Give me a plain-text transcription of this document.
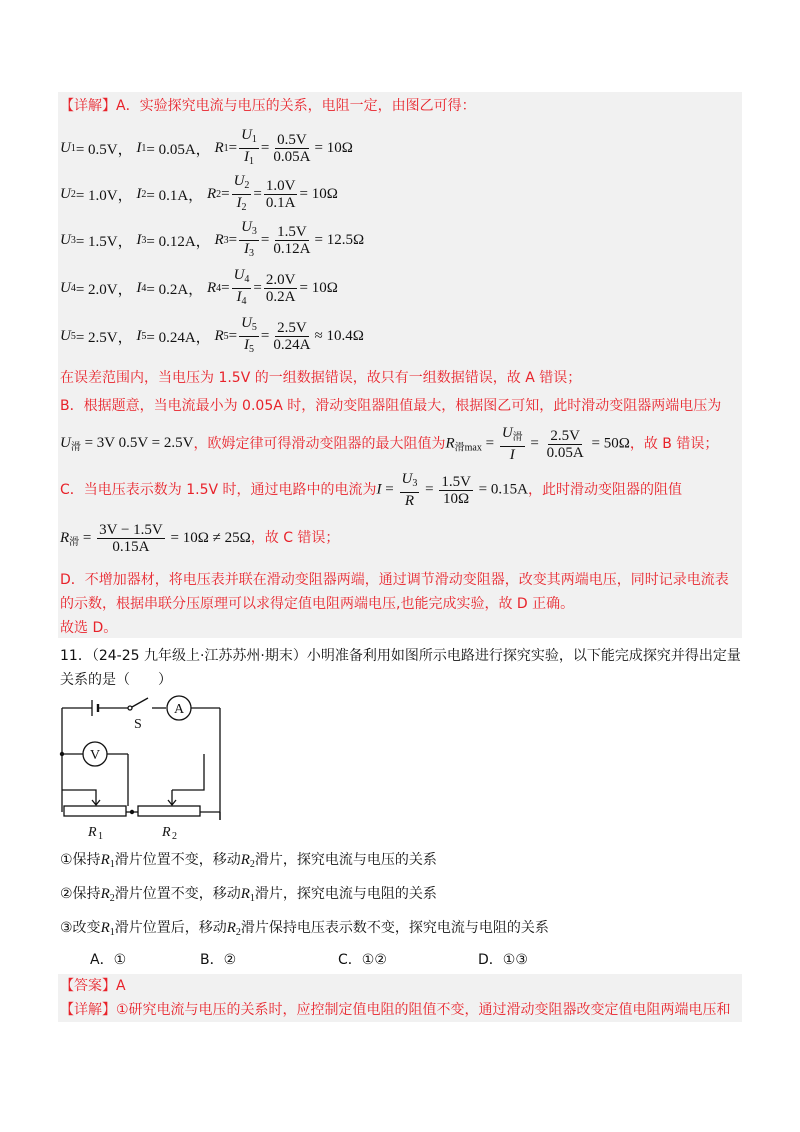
【详解】A．实验探究电流与电压的关系，电阻一定，由图乙可得：
U 1 = 0.5V，
I 1 = 0.05A，
R $1 = \frac{U_1}{I_1} = \frac{0.5V}{0.05A} = 10\Omega$
U 2 = 1.0V，
I 2 = 0.1A，
R $2 = \frac{U_2}{I_2} = \frac{1.0V}{0.1A} = 10\Omega$
U 3 = 1.5V，
I 3 = 0.12A，
R $3 = \frac{U_3}{I_3} = \frac{1.5V}{0.12A} = 12.5\Omega$
U 4 = 2.0V，
I 4 = 0.2A，
R $4 = \frac{U_4}{I_4} = \frac{2.0V}{0.2A} = 10\Omega$
U 5 = 2.5V，
I 5 = 0.24A，
R $5 = \frac{U_5}{I_5} = \frac{2.5V}{0.24A} \approx 10.4\Omega$
在误差范围内，当电压为 1.5V 的一组数据错误，故只有一组数据错误，故 A 错误；
B．根据题意，当电流最小为 0.05A 时，滑动变阻器阻值最大，根据图乙可知，此时滑动变阻器两端电压为
$U_滑 = 3V$ 0.5V = 2.5V ，欧姆定律可得滑动变阻器的最大阻值为 $R_{滑max} = \frac{U_滑}{I} = \frac{2.5V}{0.05A} = 50\Omega$ ，故 B 错误；
C．当电压表示数为 1.5V 时，通过电路中的电流为 $I = \frac{U_3}{R} = \frac{1.5V}{10\Omega} = 0.15A$ ，此时滑动变阻器的阻值
$R_滑 = \frac{3V - 1.5V}{0.15A} = 10\Omega \ne 25\Omega$ ，故 C 错误；
D．不增加器材，将电压表并联在滑动变阻器两端，通过调节滑动变阻器，改变其两端电压，同时记录电流表
的示数，根据串联分压原理可以求得定值电阻两端电压,也能完成实验，故 D 正确。
故选 D。
11．（24-25 九年级上·江苏苏州·期末）小明准备利用如图所示电路进行探究实验，以下能完成探究并得出定量
关系的是（　　）
A
V
S
R 1	R 2
①保持$R_1$滑片位置不变，移动$R_2$滑片，探究电流与电压的关系
②保持$R_2$滑片位置不变，移动$R_1$滑片，探究电流与电阻的关系
③改变$R_1$滑片位置后，移动$R_2$滑片保持电压表示数不变，探究电流与电阻的关系
A．①	B．②	C．①②	D．①③
【答案】A
【详解】①研究电流与电压的关系时，应控制定值电阻的阻值不变，通过滑动变阻器改变定值电阻两端电压和
